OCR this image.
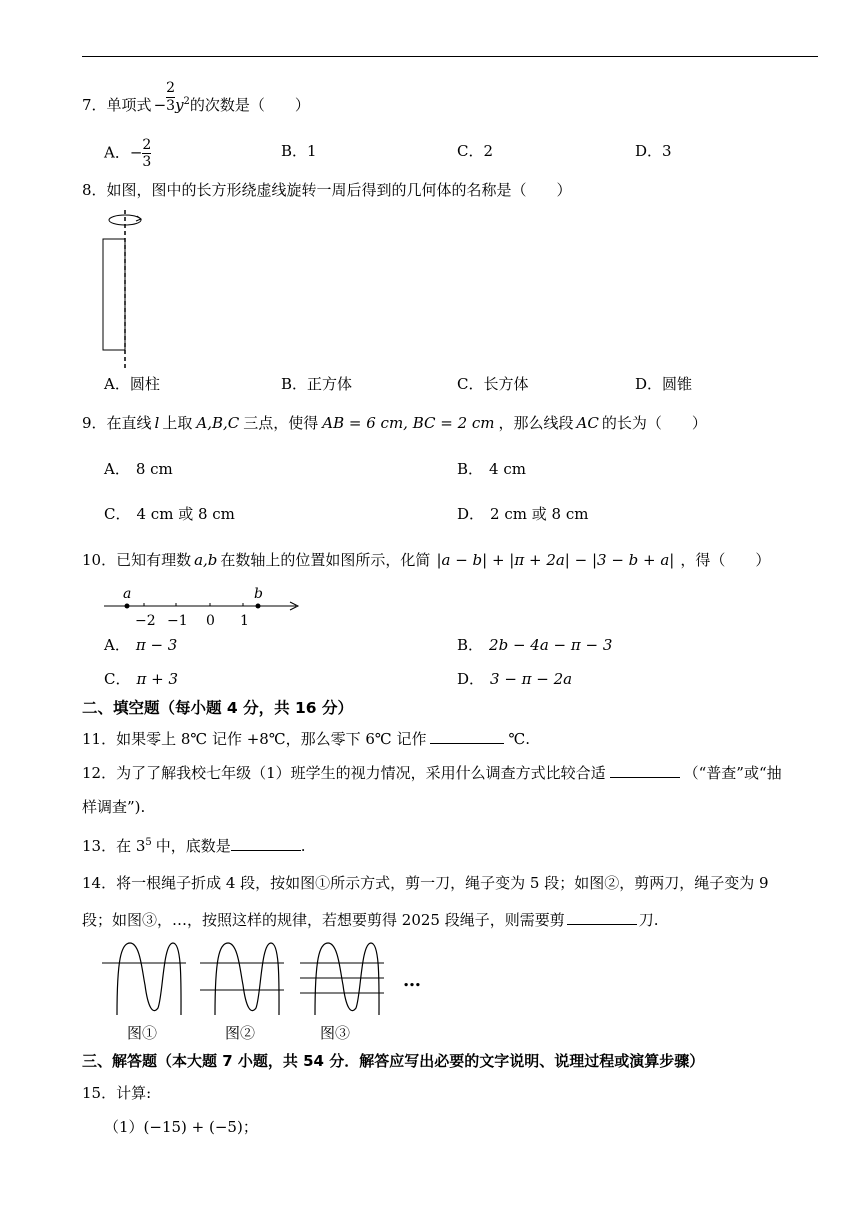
7．单项式 − $\frac{2}{3} y^2$的次数是（　　）
A．− $\frac{2}{3}$	B．1	C．2	D．3
8．如图，图中的长方形绕虚线旋转一周后得到的几何体的名称是（　　）
A．圆柱	B．正方体	C．长方体	D．圆锥
9．在直线 l 上取 A,B,C 三点，使得 AB = 6 cm, BC = 2 cm ，那么线段 AC 的长为（　　）
A． 8 cm	B． 4 cm
C． 4 cm 或 8 cm	D． 2 cm 或 8 cm
10．已知有理数 a,b 在数轴上的位置如图所示，化简 |a − b| + |π + 2a| − |3 − b + a| ，得（　　）
a	b
−2 −1 0 1
A． π − 3	B． 2b − 4a − π − 3
C． π + 3	D． 3 − π − 2a
二、填空题（每小题 4 分，共 16 分）
11．如果零上 8℃ 记作 +8℃，那么零下 6℃ 记作	℃.
12．为了了解我校七年级（1）班学生的视力情况，采用什么调查方式比较合适	（“普查”或“抽
样调查”).
13．在 $3^5$ 中，底数是	.
14．将一根绳子折成 4 段，按如图①所示方式，剪一刀，绳子变为 5 段；如图②，剪两刀，绳子变为 9
段；如图③，…，按照这样的规律，若想要剪得 2025 段绳子，则需要剪	刀.
…
图①	图②	图③
三、解答题（本大题 7 小题，共 54 分．解答应写出必要的文字说明、说理过程或演算步骤）
15．计算:
（1）(−15) + (−5)；
